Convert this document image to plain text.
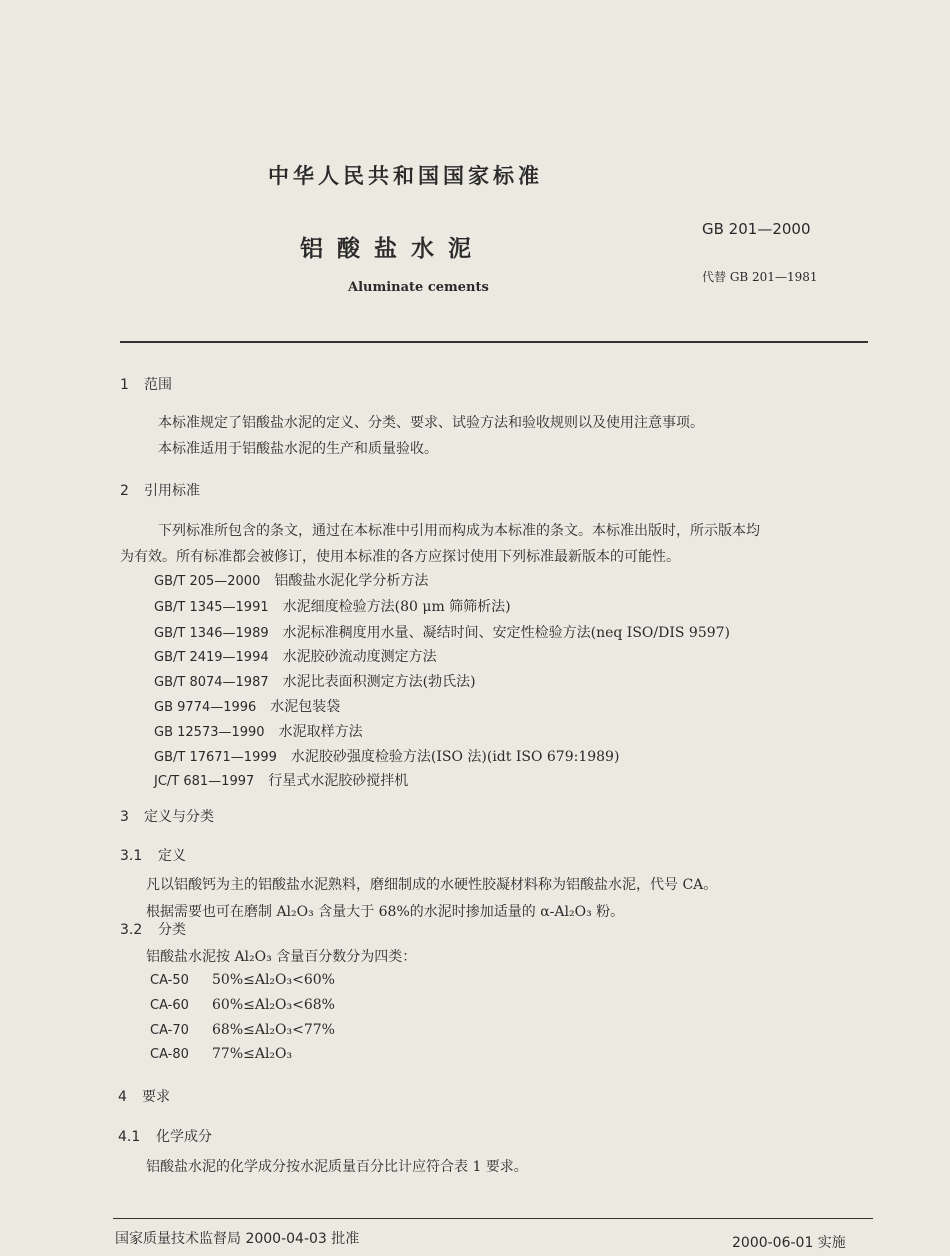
中华人民共和国国家标准
铝酸盐水泥
Aluminate cements
GB 201—2000
代替 GB 201—1981
1 范围
本标准规定了铝酸盐水泥的定义、分类、要求、试验方法和验收规则以及使用注意事项。
本标准适用于铝酸盐水泥的生产和质量验收。
2 引用标准
下列标准所包含的条文，通过在本标准中引用而构成为本标准的条文。本标准出版时，所示版本均
为有效。所有标准都会被修订，使用本标准的各方应探讨使用下列标准最新版本的可能性。
GB/T 205—2000 铝酸盐水泥化学分析方法
GB/T 1345—1991 水泥细度检验方法(80 μm 筛筛析法)
GB/T 1346—1989 水泥标准稠度用水量、凝结时间、安定性检验方法(neq ISO/DIS 9597)
GB/T 2419—1994 水泥胶砂流动度测定方法
GB/T 8074—1987 水泥比表面积测定方法(勃氏法)
GB 9774—1996 水泥包装袋
GB 12573—1990 水泥取样方法
GB/T 17671—1999 水泥胶砂强度检验方法(ISO 法)(idt ISO 679:1989)
JC/T 681—1997 行星式水泥胶砂搅拌机
3 定义与分类
3.1 定义
凡以铝酸钙为主的铝酸盐水泥熟料，磨细制成的水硬性胶凝材料称为铝酸盐水泥，代号 CA。
根据需要也可在磨制 Al₂O₃ 含量大于 68%的水泥时掺加适量的 α-Al₂O₃ 粉。
3.2 分类
铝酸盐水泥按 Al₂O₃ 含量百分数分为四类：
CA-50 50%≤Al₂O₃<60%
CA-60 60%≤Al₂O₃<68%
CA-70 68%≤Al₂O₃<77%
CA-80 77%≤Al₂O₃
4 要求
4.1 化学成分
铝酸盐水泥的化学成分按水泥质量百分比计应符合表 1 要求。
国家质量技术监督局 2000-04-03 批准	2000-06-01 实施
